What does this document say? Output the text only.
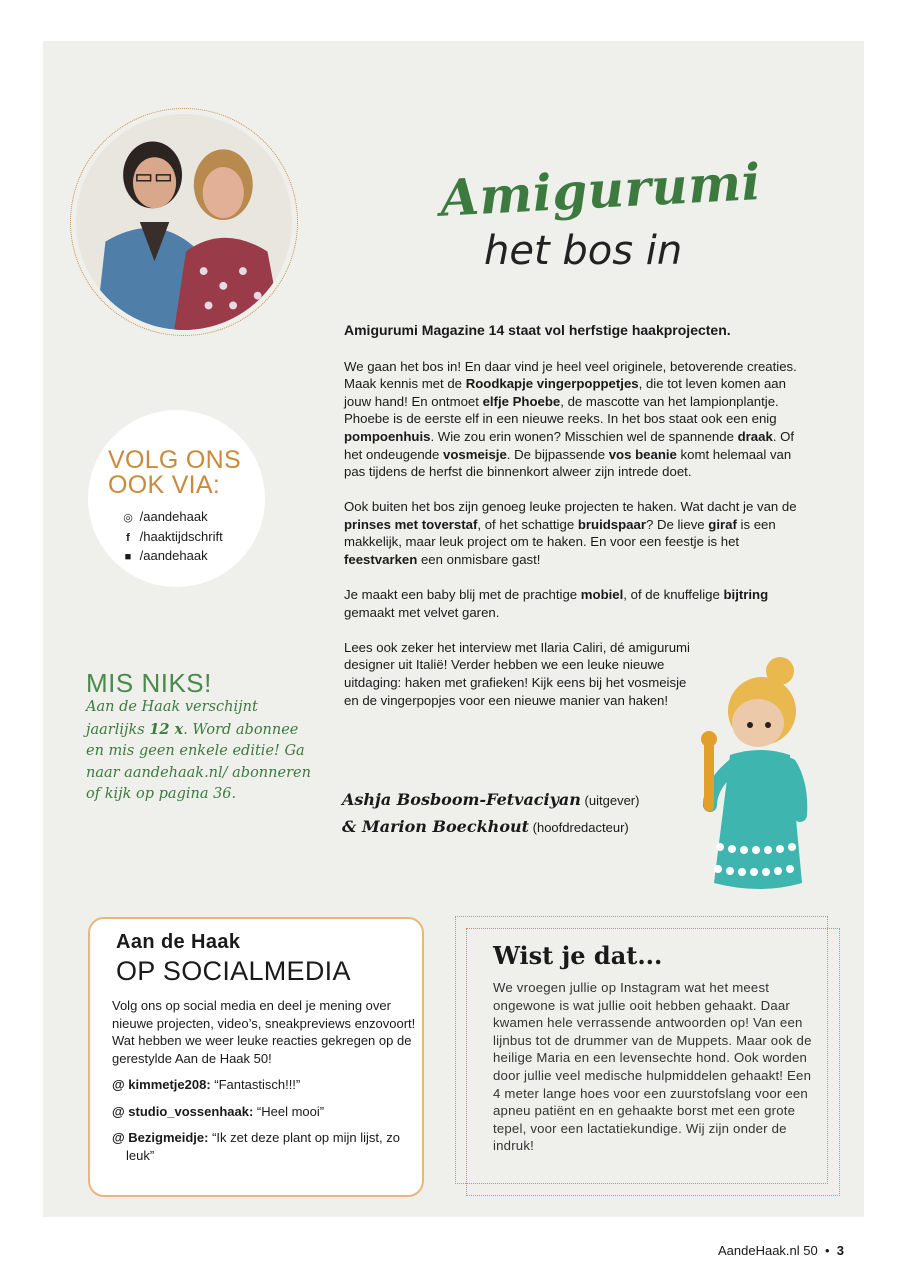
Amigurumi
het bos in

Amigurumi Magazine 14 staat vol herfstige haakprojecten.

We gaan het bos in! En daar vind je heel veel originele, betoverende creaties. Maak kennis met de Roodkapje vingerpoppetjes, die tot leven komen aan jouw hand! En ontmoet elfje Phoebe, de mascotte van het lampionplantje. Phoebe is de eerste elf in een nieuwe reeks. In het bos staat ook een enig pompoenhuis. Wie zou erin wonen? Misschien wel de spannende draak. Of het ondeugende vosmeisje. De bijpassende vos beanie komt helemaal van pas tijdens de herfst die binnenkort alweer zijn intrede doet.

Ook buiten het bos zijn genoeg leuke projecten te haken. Wat dacht je van de prinses met toverstaf, of het schattige bruidspaar? De lieve giraf is een makkelijk, maar leuk project om te haken. En voor een feestje is het feestvarken een onmisbare gast!

Je maakt een baby blij met de prachtige mobiel, of de knuffelige bijtring gemaakt met velvet garen.

Lees ook zeker het interview met Ilaria Caliri, dé amigurumi designer uit Italië! Verder hebben we een leuke nieuwe uitdaging: haken met grafieken! Kijk eens bij het vosmeisje en de vingerpopjes voor een nieuwe manier van haken!

Ashja Bosboom-Fetvaciyan (uitgever)
& Marion Boeckhout (hoofdredacteur)
VOLG ONS
OOK VIA:
◎ /aandehaak
f /haaktijdschrift
■ /aandehaak
MIS NIKS!
Aan de Haak verschijnt jaarlijks 12 x. Word abonnee en mis geen enkele editie! Ga naar aandehaak.nl/ abonneren of kijk op pagina 36.
Aan de Haak
OP SOCIALMEDIA
Volg ons op social media en deel je mening over nieuwe projecten, video’s, sneakpreviews enzovoort! Wat hebben we weer leuke reacties gekregen op de gerestylde Aan de Haak 50!
@ kimmetje208: “Fantastisch!!!”
@ studio_vossenhaak: “Heel mooi”
@ Bezigmeidje: “Ik zet deze plant op mijn lijst, zo leuk”
Wist je dat...
We vroegen jullie op Instagram wat het meest ongewone is wat jullie ooit hebben gehaakt. Daar kwamen hele verrassende antwoorden op! Van een lijnbus tot de drummer van de Muppets. Maar ook de heilige Maria en een levensechte hond. Ook worden door jullie veel medische hulpmiddelen gehaakt! Een 4 meter lange hoes voor een zuurstofslang voor een apneu patiënt en en gehaakte borst met een grote tepel, voor een lactatiekundige. Wij zijn onder de indruk!
AandeHaak.nl 50 • 3
